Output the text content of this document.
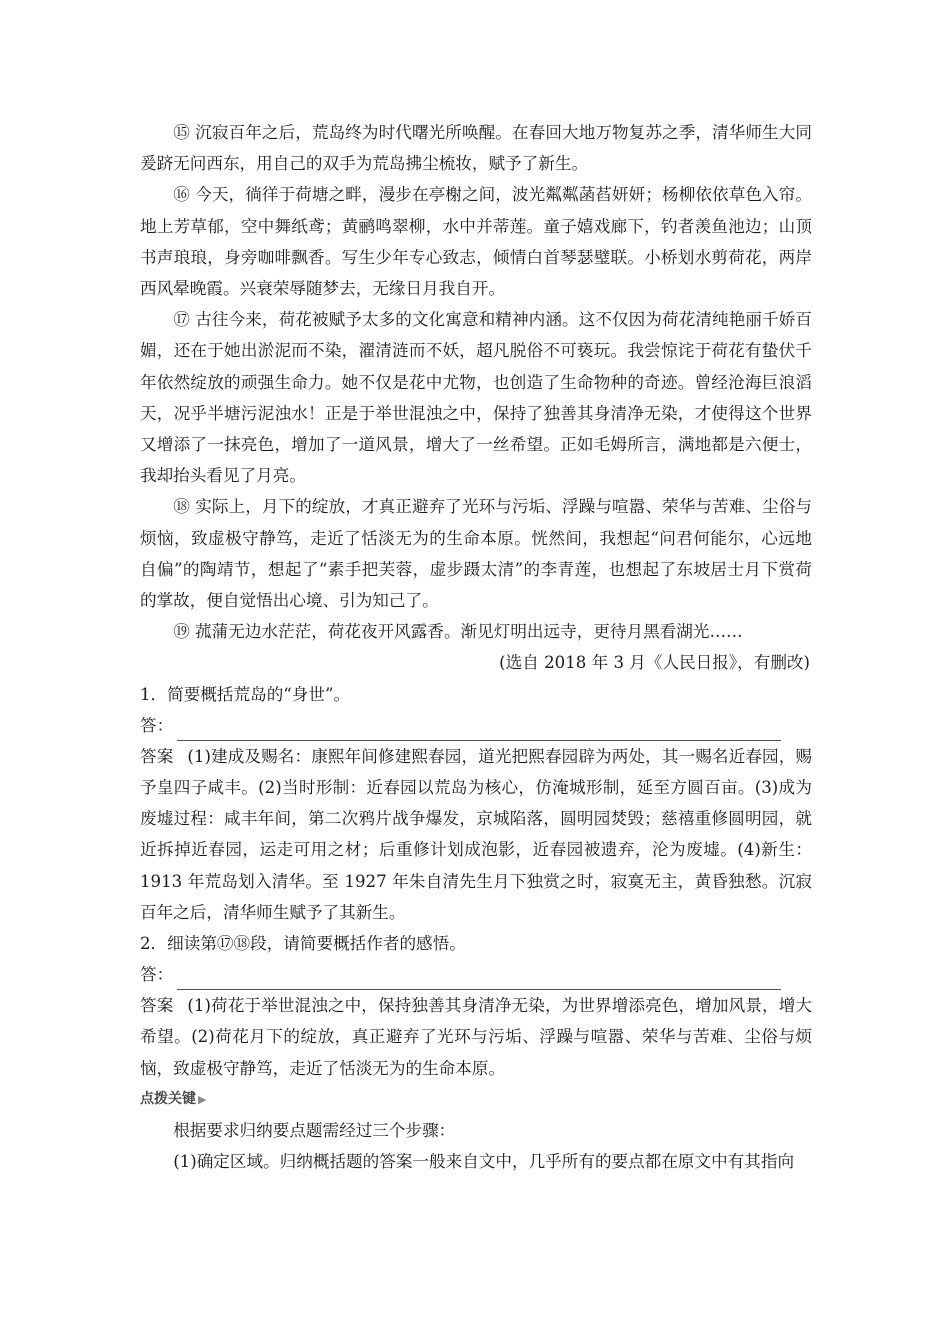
⑮ 沉寂百年之后，荒岛终为时代曙光所唤醒。在春回大地万物复苏之季，清华师生大同爰跻无问西东，用自己的双手为荒岛拂尘梳妆，赋予了新生。

⑯ 今天，徜徉于荷塘之畔，漫步在亭榭之间，波光粼粼菡萏妍妍；杨柳依依草色入帘。地上芳草郁，空中舞纸鸢；黄鹂鸣翠柳，水中并蒂莲。童子嬉戏廊下，钓者羡鱼池边；山顶书声琅琅，身旁咖啡飘香。写生少年专心致志，倾情白首琴瑟璧联。小桥划水剪荷花，两岸西风晕晚霞。兴衰荣辱随梦去，无缘日月我自开。

⑰ 古往今来，荷花被赋予太多的文化寓意和精神内涵。这不仅因为荷花清纯艳丽千娇百媚，还在于她出淤泥而不染，濯清涟而不妖，超凡脱俗不可亵玩。我尝惊诧于荷花有蛰伏千年依然绽放的顽强生命力。她不仅是花中尤物，也创造了生命物种的奇迹。曾经沧海巨浪滔天，况乎半塘污泥浊水！正是于举世混浊之中，保持了独善其身清净无染，才使得这个世界又增添了一抹亮色，增加了一道风景，增大了一丝希望。正如毛姆所言，满地都是六便士，我却抬头看见了月亮。

⑱ 实际上，月下的绽放，才真正避弃了光环与污垢、浮躁与喧嚣、荣华与苦难、尘俗与烦恼，致虚极守静笃，走近了恬淡无为的生命本原。恍然间，我想起“问君何能尔，心远地自偏”的陶靖节，想起了“素手把芙蓉，虚步蹑太清”的李青莲，也想起了东坡居士月下赏荷的掌故，便自觉悟出心境、引为知己了。

⑲ 菰蒲无边水茫茫，荷花夜开风露香。渐见灯明出远寺，更待月黑看湖光……

(选自 2018 年 3 月《人民日报》，有删改)

1．简要概括荒岛的“身世”。

答：

答案 (1)建成及赐名：康熙年间修建熙春园，道光把熙春园辟为两处，其一赐名近春园，赐予皇四子咸丰。(2)当时形制：近春园以荒岛为核心，仿淹城形制，延至方圆百亩。(3)成为废墟过程：咸丰年间，第二次鸦片战争爆发，京城陷落，圆明园焚毁；慈禧重修圆明园，就近拆掉近春园，运走可用之材；后重修计划成泡影，近春园被遗弃，沦为废墟。(4)新生：1913 年荒岛划入清华。至 1927 年朱自清先生月下独赏之时，寂寞无主，黄昏独愁。沉寂百年之后，清华师生赋予了其新生。

2．细读第⑰⑱段，请简要概括作者的感悟。

答：

答案 (1)荷花于举世混浊之中，保持独善其身清净无染，为世界增添亮色，增加风景，增大希望。(2)荷花月下的绽放，真正避弃了光环与污垢、浮躁与喧嚣、荣华与苦难、尘俗与烦恼，致虚极守静笃，走近了恬淡无为的生命本原。

点拨关键 ▶

根据要求归纳要点题需经过三个步骤：

(1)确定区域。归纳概括题的答案一般来自文中，几乎所有的要点都在原文中有其指向
